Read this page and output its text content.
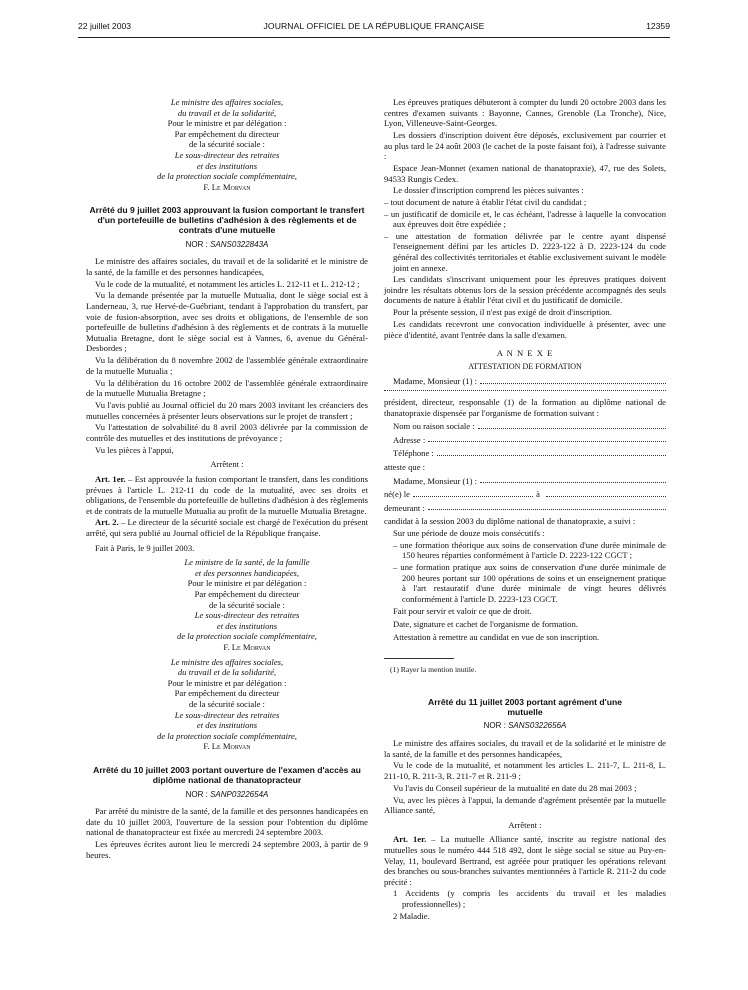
22 juillet 2003	JOURNAL OFFICIEL DE LA RÉPUBLIQUE FRANÇAISE	12359

Le ministre des affaires sociales,

du travail et de la solidarité,

Pour le ministre et par délégation :

Par empêchement du directeur

de la sécurité sociale :

Le sous-directeur des retraites

et des institutions

de la protection sociale complémentaire,

F. Le Morvan

Arrêté du 9 juillet 2003 approuvant la fusion comportant le transfert d'un portefeuille de bulletins d'adhésion à des règlements et de contrats d'une mutuelle
NOR : SANS0322843A

Le ministre des affaires sociales, du travail et de la solidarité et le ministre de la santé, de la famille et des personnes handicapées,

Vu le code de la mutualité, et notamment les articles L. 212-11 et L. 212-12 ;

Vu la demande présentée par la mutuelle Mutualia, dont le siège social est à Landerneau, 3, rue Hervé-de-Guébriant, tendant à l'approbation du transfert, par voie de fusion-absorption, avec ses droits et obligations, de l'ensemble de son portefeuille de bulletins d'adhésion à des règlements et de contrats à la mutuelle Mutualia Bretagne, dont le siège social est à Vannes, 6, avenue du Général-Desbordes ;

Vu la délibération du 8 novembre 2002 de l'assemblée générale extraordinaire de la mutuelle Mutualia ;

Vu la délibération du 16 octobre 2002 de l'assemblée générale extraordinaire de la mutuelle Mutualia Bretagne ;

Vu l'avis publié au Journal officiel du 20 mars 2003 invitant les créanciers des mutuelles concernées à présenter leurs observations sur le projet de transfert ;

Vu l'attestation de solvabilité du 8 avril 2003 délivrée par la commission de contrôle des mutuelles et des institutions de prévoyance ;

Vu les pièces à l'appui,

Arrêtent :

Art. 1er. – Est approuvée la fusion comportant le transfert, dans les conditions prévues à l'article L. 212-11 du code de la mutualité, avec ses droits et obligations, de l'ensemble du portefeuille de bulletins d'adhésion à des règlements et de contrats de la mutuelle Mutualia au profit de la mutuelle Mutualia Bretagne.

Art. 2. – Le directeur de la sécurité sociale est chargé de l'exécution du présent arrêté, qui sera publié au Journal officiel de la République française.

Fait à Paris, le 9 juillet 2003.

Le ministre de la santé, de la famille

et des personnes handicapées,

Pour le ministre et par délégation :

Par empêchement du directeur

de la sécurité sociale :

Le sous-directeur des retraites

et des institutions

de la protection sociale complémentaire,

F. Le Morvan

Le ministre des affaires sociales,

du travail et de la solidarité,

Pour le ministre et par délégation :

Par empêchement du directeur

de la sécurité sociale :

Le sous-directeur des retraites

et des institutions

de la protection sociale complémentaire,

F. Le Morvan

Arrêté du 10 juillet 2003 portant ouverture de l'examen d'accès au diplôme national de thanatopracteur
NOR : SANP0322654A

Par arrêté du ministre de la santé, de la famille et des personnes handicapées en date du 10 juillet 2003, l'ouverture de la session pour l'obtention du diplôme national de thanatopracteur est fixée au mercredi 24 septembre 2003.

Les épreuves écrites auront lieu le mercredi 24 septembre 2003, à partir de 9 heures.

Les épreuves pratiques débuteront à compter du lundi 20 octobre 2003 dans les centres d'examen suivants : Bayonne, Cannes, Grenoble (La Tronche), Nice, Lyon, Villeneuve-Saint-Georges.

Les dossiers d'inscription doivent être déposés, exclusivement par courrier et au plus tard le 24 août 2003 (le cachet de la poste faisant foi), à l'adresse suivante :

Espace Jean-Monnet (examen national de thanatopraxie), 47, rue des Solets, 94533 Rungis Cedex.

Le dossier d'inscription comprend les pièces suivantes :

– tout document de nature à établir l'état civil du candidat ;
– un justificatif de domicile et, le cas échéant, l'adresse à laquelle la convocation aux épreuves doit être expédiée ;
– une attestation de formation délivrée par le centre ayant dispensé l'enseignement défini par les articles D. 2223-122 à D. 2223-124 du code général des collectivités territoriales et établie exclusivement suivant le modèle joint en annexe.

Les candidats s'inscrivant uniquement pour les épreuves pratiques doivent joindre les résultats obtenus lors de la session précédente accompagnés des seuls documents de nature à établir l'état civil et du justificatif de domicile.

Pour la présente session, il n'est pas exigé de droit d'inscription.

Les candidats recevront une convocation individuelle à présenter, avec une pièce d'identité, avant l'entrée dans la salle d'examen.

A N N E X E

ATTESTATION DE FORMATION

Madame, Monsieur (1) :

président, directeur, responsable (1) de la formation au diplôme national de thanatopraxie dispensée par l'organisme de formation suivant :

Nom ou raison sociale :
Adresse :
Téléphone :

atteste que :

Madame, Monsieur (1) :
né(e) le	à
demeurant :

candidat à la session 2003 du diplôme national de thanatopraxie, a suivi :

Sur une période de douze mois consécutifs :

– une formation théorique aux soins de conservation d'une durée minimale de 150 heures réparties conformément à l'article D. 2223-122 CGCT ;
– une formation pratique aux soins de conservation d'une durée minimale de 200 heures portant sur 100 opérations de soins et un enseignement pratique à l'art restauratif d'une durée minimale de vingt heures délivrés conformément à l'article D. 2223-123 CGCT.

Fait pour servir et valoir ce que de droit.

Date, signature et cachet de l'organisme de formation.

Attestation à remettre au candidat en vue de son inscription.

(1) Rayer la mention inutile.

Arrêté du 11 juillet 2003 portant agrément d'une mutuelle
NOR : SANS0322656A

Le ministre des affaires sociales, du travail et de la solidarité et le ministre de la santé, de la famille et des personnes handicapées,

Vu le code de la mutualité, et notamment les articles L. 211-7, L. 211-8, L. 211-10, R. 211-3, R. 211-7 et R. 211-9 ;

Vu l'avis du Conseil supérieur de la mutualité en date du 28 mai 2003 ;

Vu, avec les pièces à l'appui, la demande d'agrément présentée par la mutuelle Alliance santé,

Arrêtent :

Art. 1er. – La mutuelle Alliance santé, inscrite au registre national des mutuelles sous le numéro 444 518 492, dont le siège social se situe au Puy-en-Velay, 11, boulevard Bertrand, est agréée pour pratiquer les opérations relevant des branches ou sous-branches suivantes mentionnées à l'article R. 211-2 du code précité :

1 Accidents (y compris les accidents du travail et les maladies professionnelles) ;

2 Maladie.
